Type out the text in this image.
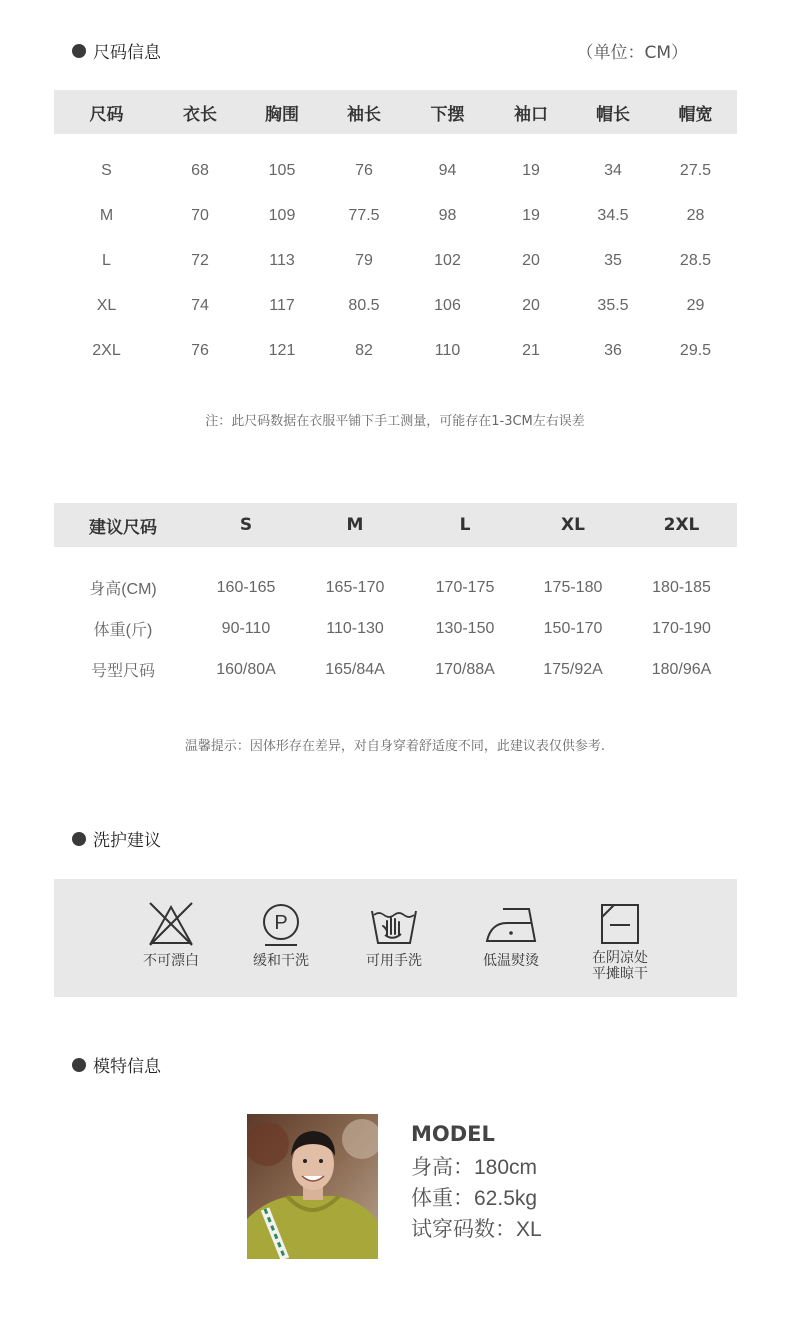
尺码信息	（单位：CM）
尺码	衣长	胸围	袖长	下摆	袖口	帽长	帽宽
S	68	105	76	94	19	34	27.5
M	70	109	77.5	98	19	34.5	28
L	72	113	79	102	20	35	28.5
XL	74	117	80.5	106	20	35.5	29
2XL	76	121	82	110	21	36	29.5
注：此尺码数据在衣服平铺下手工测量，可能存在1-3CM左右误差
建议尺码	S	M	L	XL	2XL
身高(CM)	160-165	165-170	170-175	175-180	180-185
体重(斤)	90-110	110-130	130-150	150-170	170-190
号型尺码	160/80A	165/84A	170/88A	175/92A	180/96A
温馨提示：因体形存在差异，对自身穿着舒适度不同，此建议表仅供参考.
洗护建议
不可漂白
P
缓和干洗	可用手洗	低温熨烫	在阴凉处
平摊晾干
模特信息
MODEL
身高：180cm
体重：62.5kg
试穿码数：XL
